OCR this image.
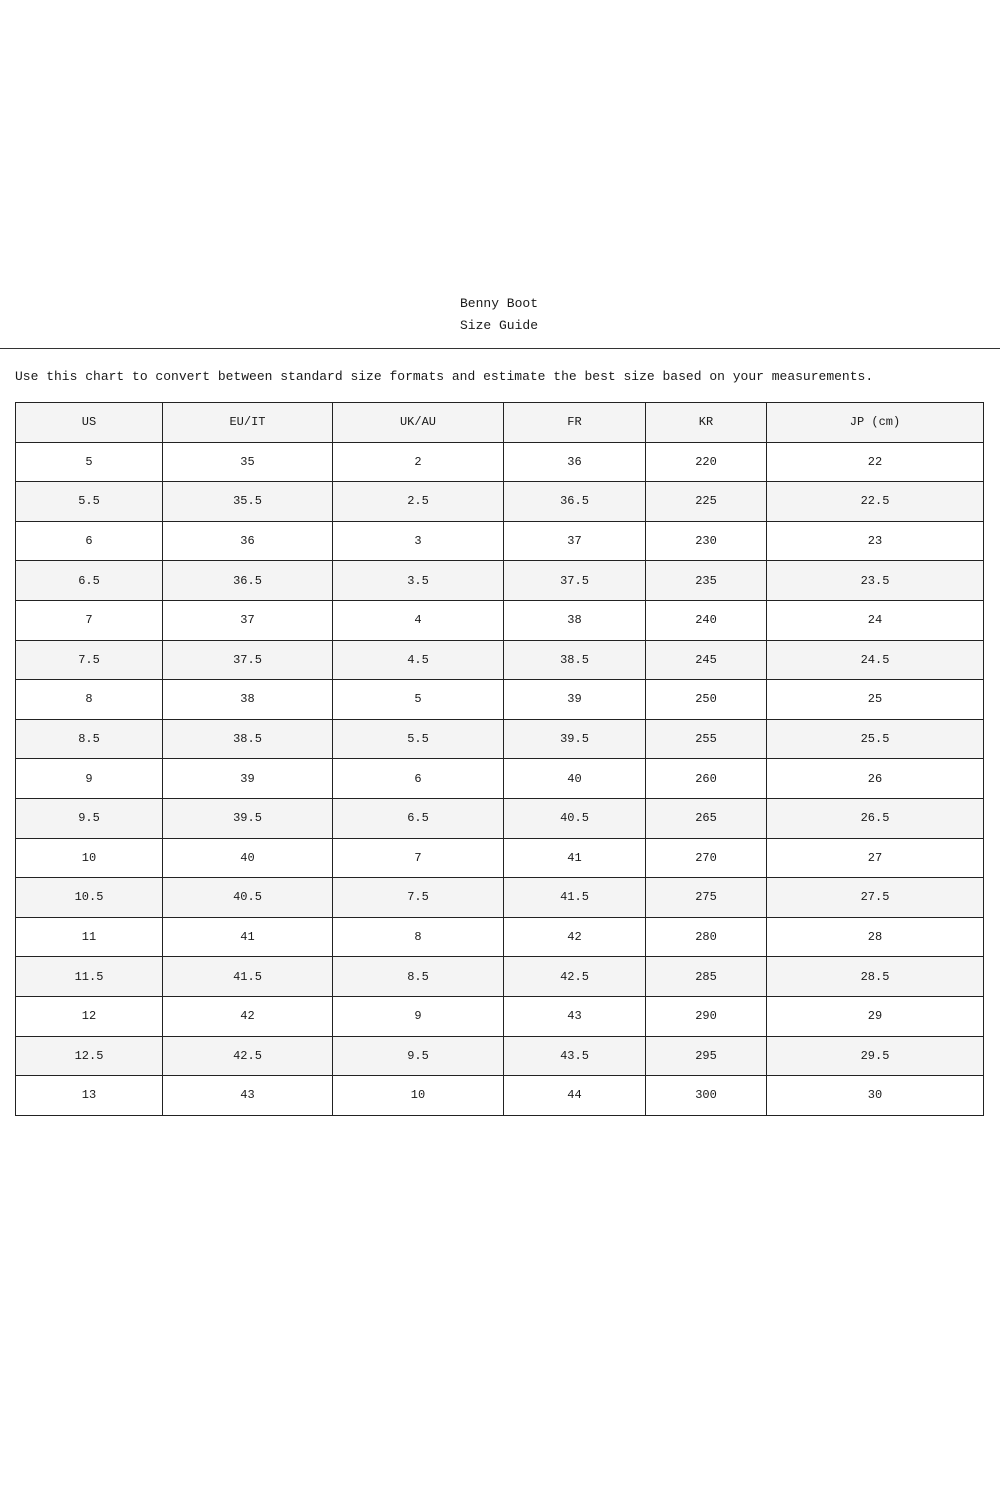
Benny Boot
Size Guide
Use this chart to convert between standard size formats and estimate the best size based on your measurements.
US	EU/IT	UK/AU	FR	KR	JP (cm)
5	35	2	36	220	22
5.5	35.5	2.5	36.5	225	22.5
6	36	3	37	230	23
6.5	36.5	3.5	37.5	235	23.5
7	37	4	38	240	24
7.5	37.5	4.5	38.5	245	24.5
8	38	5	39	250	25
8.5	38.5	5.5	39.5	255	25.5
9	39	6	40	260	26
9.5	39.5	6.5	40.5	265	26.5
10	40	7	41	270	27
10.5	40.5	7.5	41.5	275	27.5
11	41	8	42	280	28
11.5	41.5	8.5	42.5	285	28.5
12	42	9	43	290	29
12.5	42.5	9.5	43.5	295	29.5
13	43	10	44	300	30
